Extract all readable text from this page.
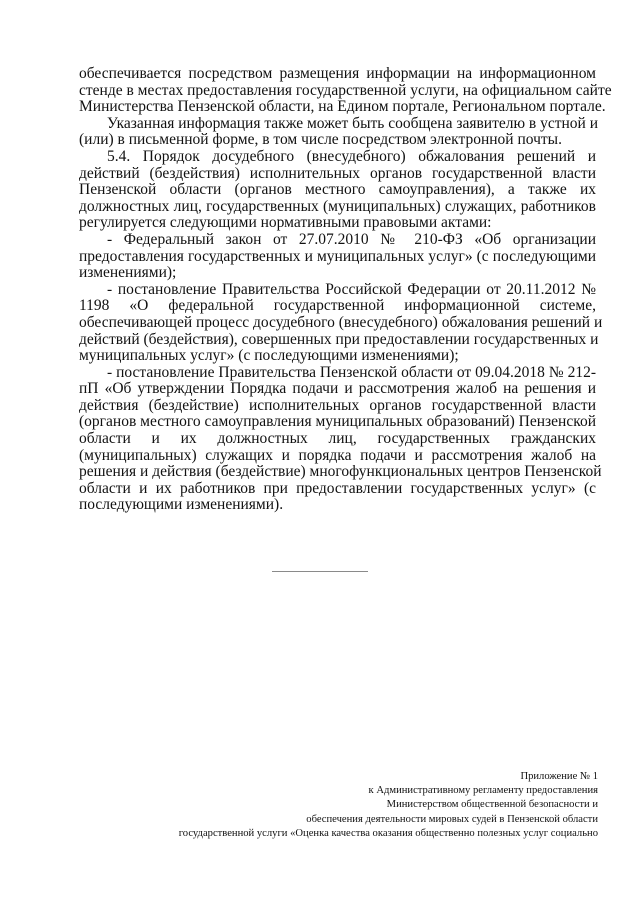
обеспечивается посредством размещения информации на информационном
стенде в местах предоставления государственной услуги, на официальном сайте
Министерства Пензенской области, на Едином портале, Региональном портале.
Указанная информация также может быть сообщена заявителю в устной и
(или) в письменной форме, в том числе посредством электронной почты.
5.4. Порядок досудебного (внесудебного) обжалования решений и
действий (бездействия) исполнительных органов государственной власти
Пензенской области (органов местного самоуправления), а также их
должностных лиц, государственных (муниципальных) служащих, работников
регулируется следующими нормативными правовыми актами:
- Федеральный закон от 27.07.2010 № 210-ФЗ «Об организации
предоставления государственных и муниципальных услуг» (с последующими
изменениями);
- постановление Правительства Российской Федерации от 20.11.2012 №
1198 «О федеральной государственной информационной системе,
обеспечивающей процесс досудебного (внесудебного) обжалования решений и
действий (бездействия), совершенных при предоставлении государственных и
муниципальных услуг» (с последующими изменениями);
- постановление Правительства Пензенской области от 09.04.2018 № 212-
пП «Об утверждении Порядка подачи и рассмотрения жалоб на решения и
действия (бездействие) исполнительных органов государственной власти
(органов местного самоуправления муниципальных образований) Пензенской
области и их должностных лиц, государственных гражданских
(муниципальных) служащих и порядка подачи и рассмотрения жалоб на
решения и действия (бездействие) многофункциональных центров Пензенской
области и их работников при предоставлении государственных услуг» (с
последующими изменениями).
Приложение № 1
к Административному регламенту предоставления
Министерством общественной безопасности и
обеспечения деятельности мировых судей в Пензенской области
государственной услуги «Оценка качества оказания общественно полезных услуг социально
